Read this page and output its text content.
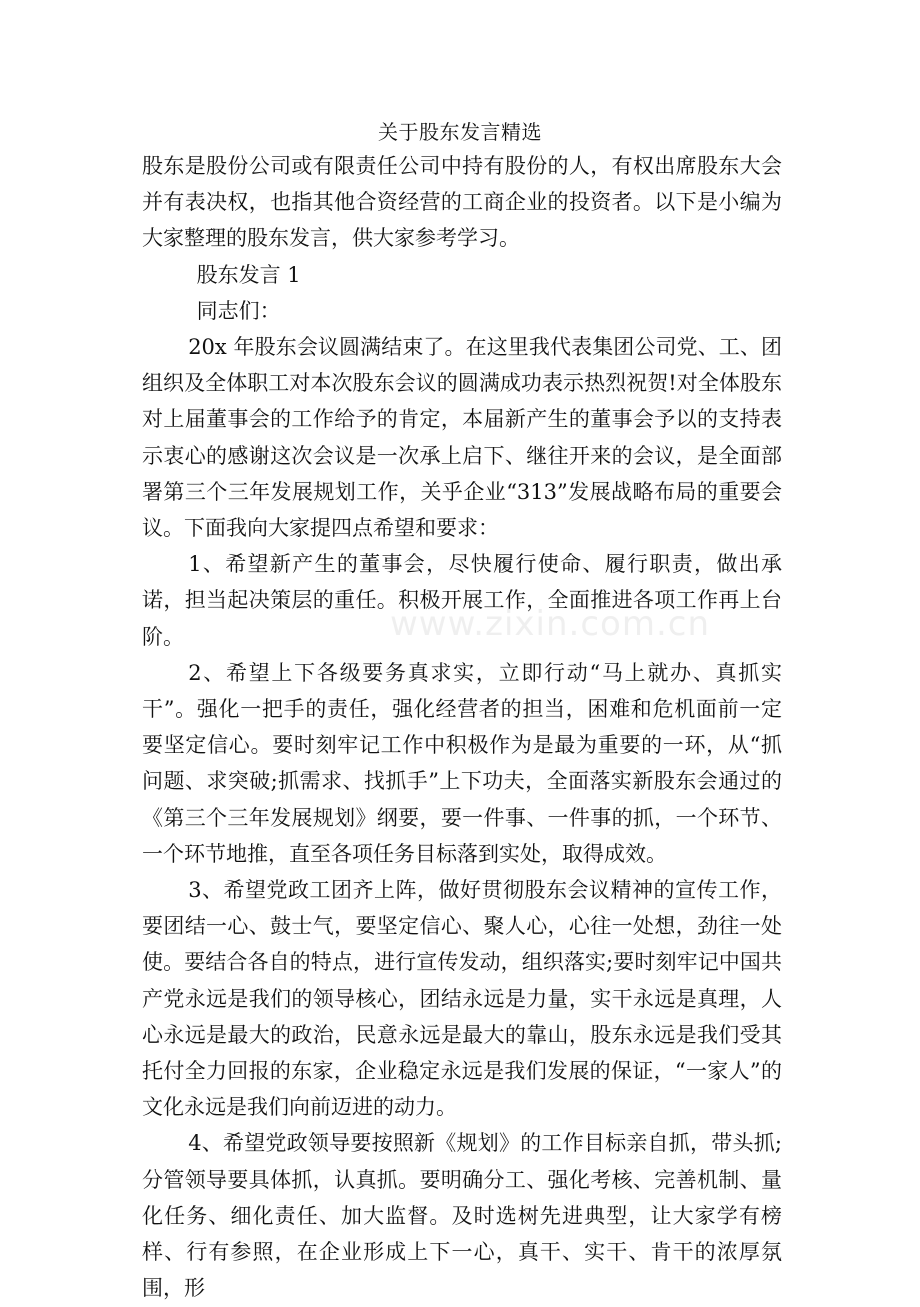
关于股东发言精选

股东是股份公司或有限责任公司中持有股份的人，有权出席股东大会并有表决权，也指其他合资经营的工商企业的投资者。以下是小编为大家整理的股东发言，供大家参考学习。

股东发言 1

同志们：

20x 年股东会议圆满结束了。在这里我代表集团公司党、工、团组织及全体职工对本次股东会议的圆满成功表示热烈祝贺!对全体股东对上届董事会的工作给予的肯定，本届新产生的董事会予以的支持表示衷心的感谢这次会议是一次承上启下、继往开来的会议，是全面部署第三个三年发展规划工作，关乎企业“313”发展战略布局的重要会议。下面我向大家提四点希望和要求：

1、希望新产生的董事会，尽快履行使命、履行职责，做出承诺，担当起决策层的重任。积极开展工作，全面推进各项工作再上台阶。

2、希望上下各级要务真求实，立即行动“马上就办、真抓实干”。强化一把手的责任，强化经营者的担当，困难和危机面前一定要坚定信心。要时刻牢记工作中积极作为是最为重要的一环，从“抓问题、求突破;抓需求、找抓手”上下功夫，全面落实新股东会通过的《第三个三年发展规划》纲要，要一件事、一件事的抓，一个环节、一个环节地推，直至各项任务目标落到实处，取得成效。

3、希望党政工团齐上阵，做好贯彻股东会议精神的宣传工作，要团结一心、鼓士气，要坚定信心、聚人心，心往一处想，劲往一处使。要结合各自的特点，进行宣传发动，组织落实;要时刻牢记中国共产党永远是我们的领导核心，团结永远是力量，实干永远是真理，人心永远是最大的政治，民意永远是最大的靠山，股东永远是我们受其托付全力回报的东家，企业稳定永远是我们发展的保证，“一家人”的文化永远是我们向前迈进的动力。

4、希望党政领导要按照新《规划》的工作目标亲自抓，带头抓;分管领导要具体抓，认真抓。要明确分工、强化考核、完善机制、量化任务、细化责任、加大监督。及时选树先进典型，让大家学有榜样、行有参照，在企业形成上下一心，真干、实干、肯干的浓厚氛围，形

www.zixin.com.cn
